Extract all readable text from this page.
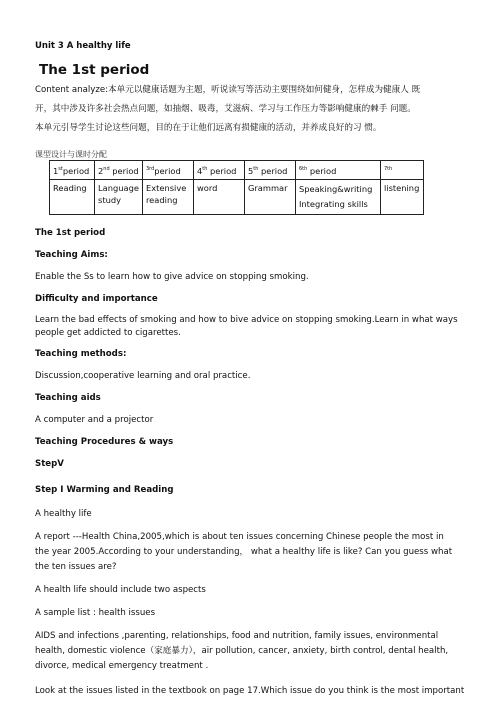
Unit 3 A healthy life
The 1st period
Content analyze:本单元以健康话题为主题，听说读写等活动主要围绕如何健身，怎样成为健康人 既
开，其中涉及许多社会热点问题，如抽烟、吸毒，艾滋病、学习与工作压力等影响健康的棘手 问题。
本单元引导学生讨论这些问题，目的在于让他们远离有损健康的活动，并养成良好的习 惯。
课型设计与课时分配
1stperiod	2nd period	$^{3rd}$period	4th period	5th period	$^{6th}$ period	$^{7th}$
Reading	Language study	Extensive reading	word	Grammar	Speaking&writing Integrating skills	listening
The 1st period
Teaching Aims:
Enable the Ss to learn how to give advice on stopping smoking.
Difficulty and importance
Learn the bad effects of smoking and how to bive advice on stopping smoking.Learn in what ways
people get addicted to cigarettes.
Teaching methods:
Discussion,cooperative learning and oral practice.
Teaching aids
A computer and a projector
Teaching Procedures & ways
StepV
Step I Warming and Reading
A healthy life
A report ---Health China,2005,which is about ten issues concerning Chinese people the most in
the year 2005.According to your understanding， what a healthy life is like? Can you guess what
the ten issues are?
A health life should include two aspects
A sample list : health issues
AIDS and infections ,parenting, relationships, food and nutrition, family issues, environmental
health, domestic violence（家庭暴力），air pollution, cancer, anxiety, birth control, dental health,
divorce, medical emergency treatment .
Look at the issues listed in the textbook on page 17.Which issue do you think is the most important
